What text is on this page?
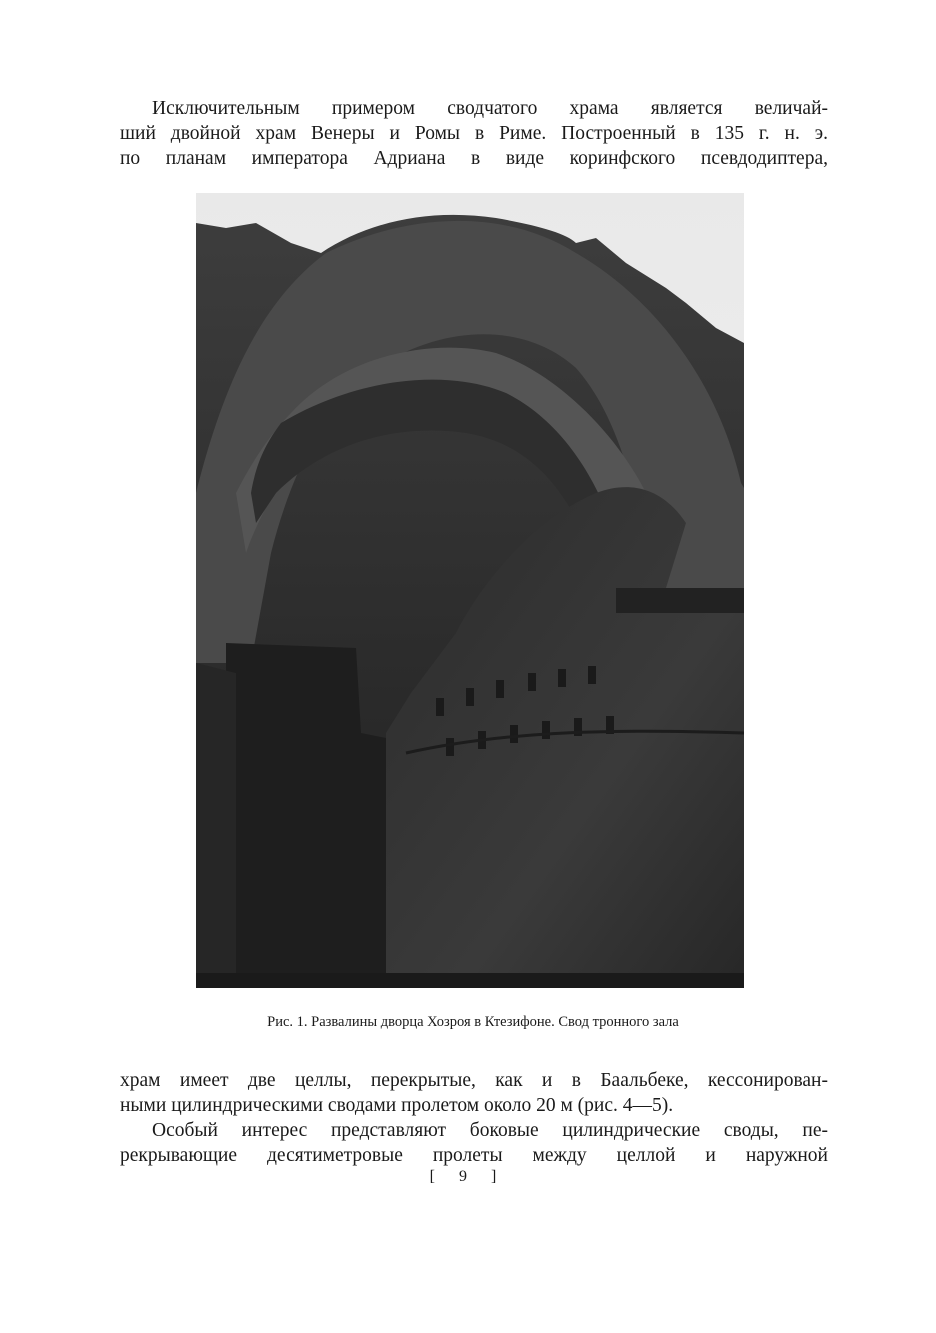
Исключительным примером сводчатого храма является величай-
ший двойной храм Венеры и Ромы в Риме. Построенный в 135 г. н. э.
по планам императора Адриана в виде коринфского псевдодиптера,
Рис. 1. Развалины дворца Хозроя в Ктезифоне. Свод тронного зала
храм имеет две целлы, перекрытые, как и в Баальбеке, кессонирован-
ными цилиндрическими сводами пролетом около 20 м (рис. 4—5).
Особый интерес представляют боковые цилиндрические своды, пе-
рекрывающие десятиметровые пролеты между целлой и наружной
[ 9 ]
